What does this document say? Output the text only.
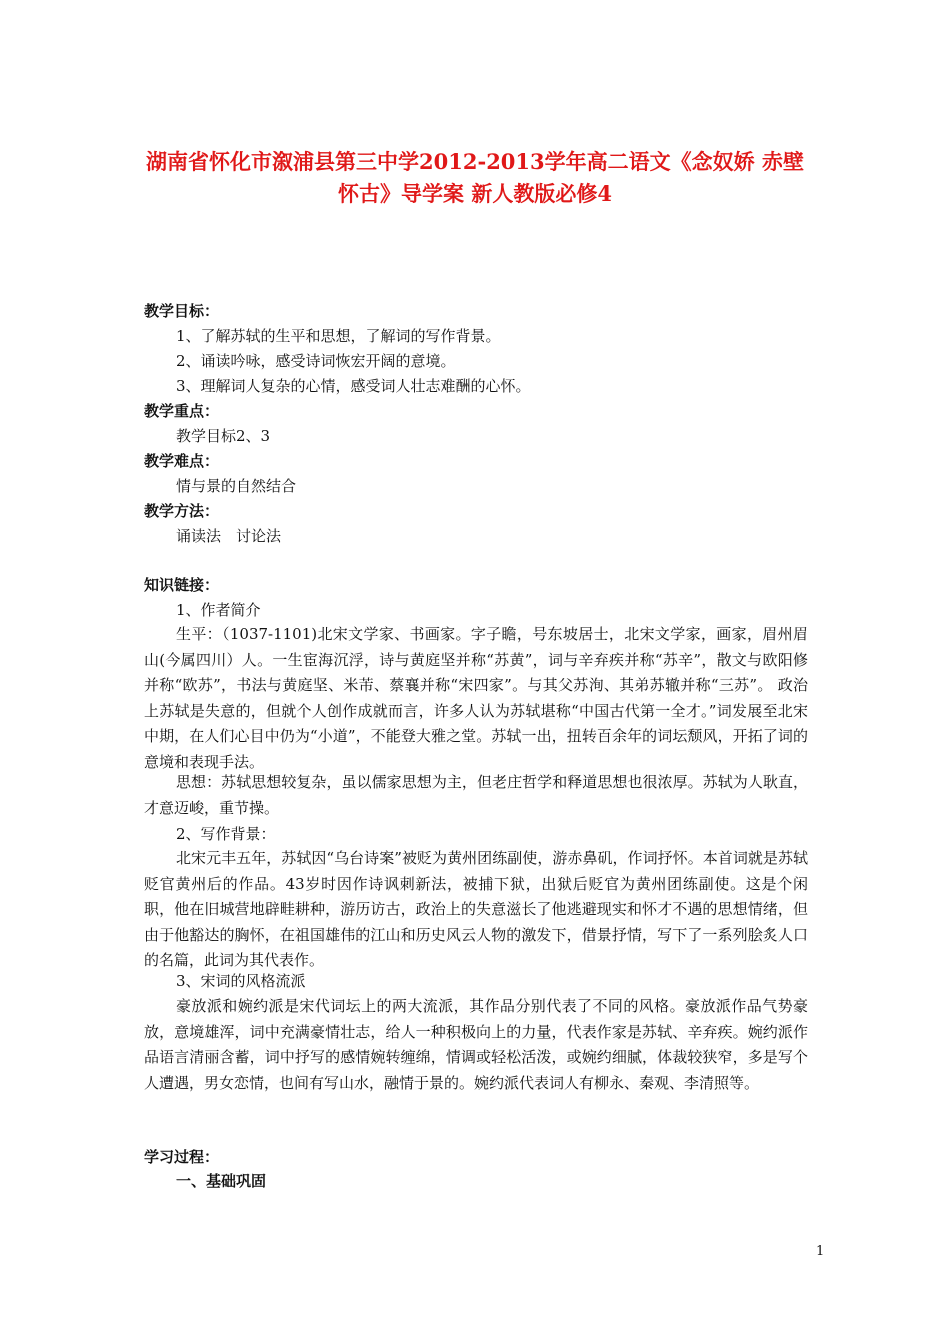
湖南省怀化市溆浦县第三中学2012-2013学年高二语文《念奴娇 赤壁怀古》导学案 新人教版必修4
教学目标：
1、了解苏轼的生平和思想，了解词的写作背景。
2、诵读吟咏，感受诗词恢宏开阔的意境。
3、理解词人复杂的心情，感受词人壮志难酬的心怀。
教学重点：
教学目标2、3
教学难点：
情与景的自然结合
教学方法：
诵读法　讨论法
知识链接：
1、作者简介
生平：（1037-1101)北宋文学家、书画家。字子瞻，号东坡居士，北宋文学家，画家，眉州眉山(今属四川）人。一生宦海沉浮，诗与黄庭坚并称“苏黄”，词与辛弃疾并称“苏辛”，散文与欧阳修并称“欧苏”，书法与黄庭坚、米芾、蔡襄并称“宋四家”。与其父苏洵、其弟苏辙并称“三苏”。 政治上苏轼是失意的，但就个人创作成就而言，许多人认为苏轼堪称“中国古代第一全才。”词发展至北宋中期，在人们心目中仍为“小道”，不能登大雅之堂。苏轼一出，扭转百余年的词坛颓风，开拓了词的意境和表现手法。
思想：苏轼思想较复杂，虽以儒家思想为主，但老庄哲学和释道思想也很浓厚。苏轼为人耿直，才意迈峻，重节操。
2、写作背景：
北宋元丰五年，苏轼因“乌台诗案”被贬为黄州团练副使，游赤鼻矶，作词抒怀。本首词就是苏轼贬官黄州后的作品。43岁时因作诗讽刺新法，被捕下狱，出狱后贬官为黄州团练副使。这是个闲职，他在旧城营地辟畦耕种，游历访古，政治上的失意滋长了他逃避现实和怀才不遇的思想情绪，但由于他豁达的胸怀，在祖国雄伟的江山和历史风云人物的激发下，借景抒情，写下了一系列脍炙人口的名篇，此词为其代表作。
3、宋词的风格流派
豪放派和婉约派是宋代词坛上的两大流派，其作品分别代表了不同的风格。豪放派作品气势豪放，意境雄浑，词中充满豪情壮志，给人一种积极向上的力量，代表作家是苏轼、辛弃疾。婉约派作品语言清丽含蓄，词中抒写的感情婉转缠绵，情调或轻松活泼，或婉约细腻，体裁较狭窄，多是写个人遭遇，男女恋情，也间有写山水，融情于景的。婉约派代表词人有柳永、秦观、李清照等。
学习过程：
一、基础巩固
1
